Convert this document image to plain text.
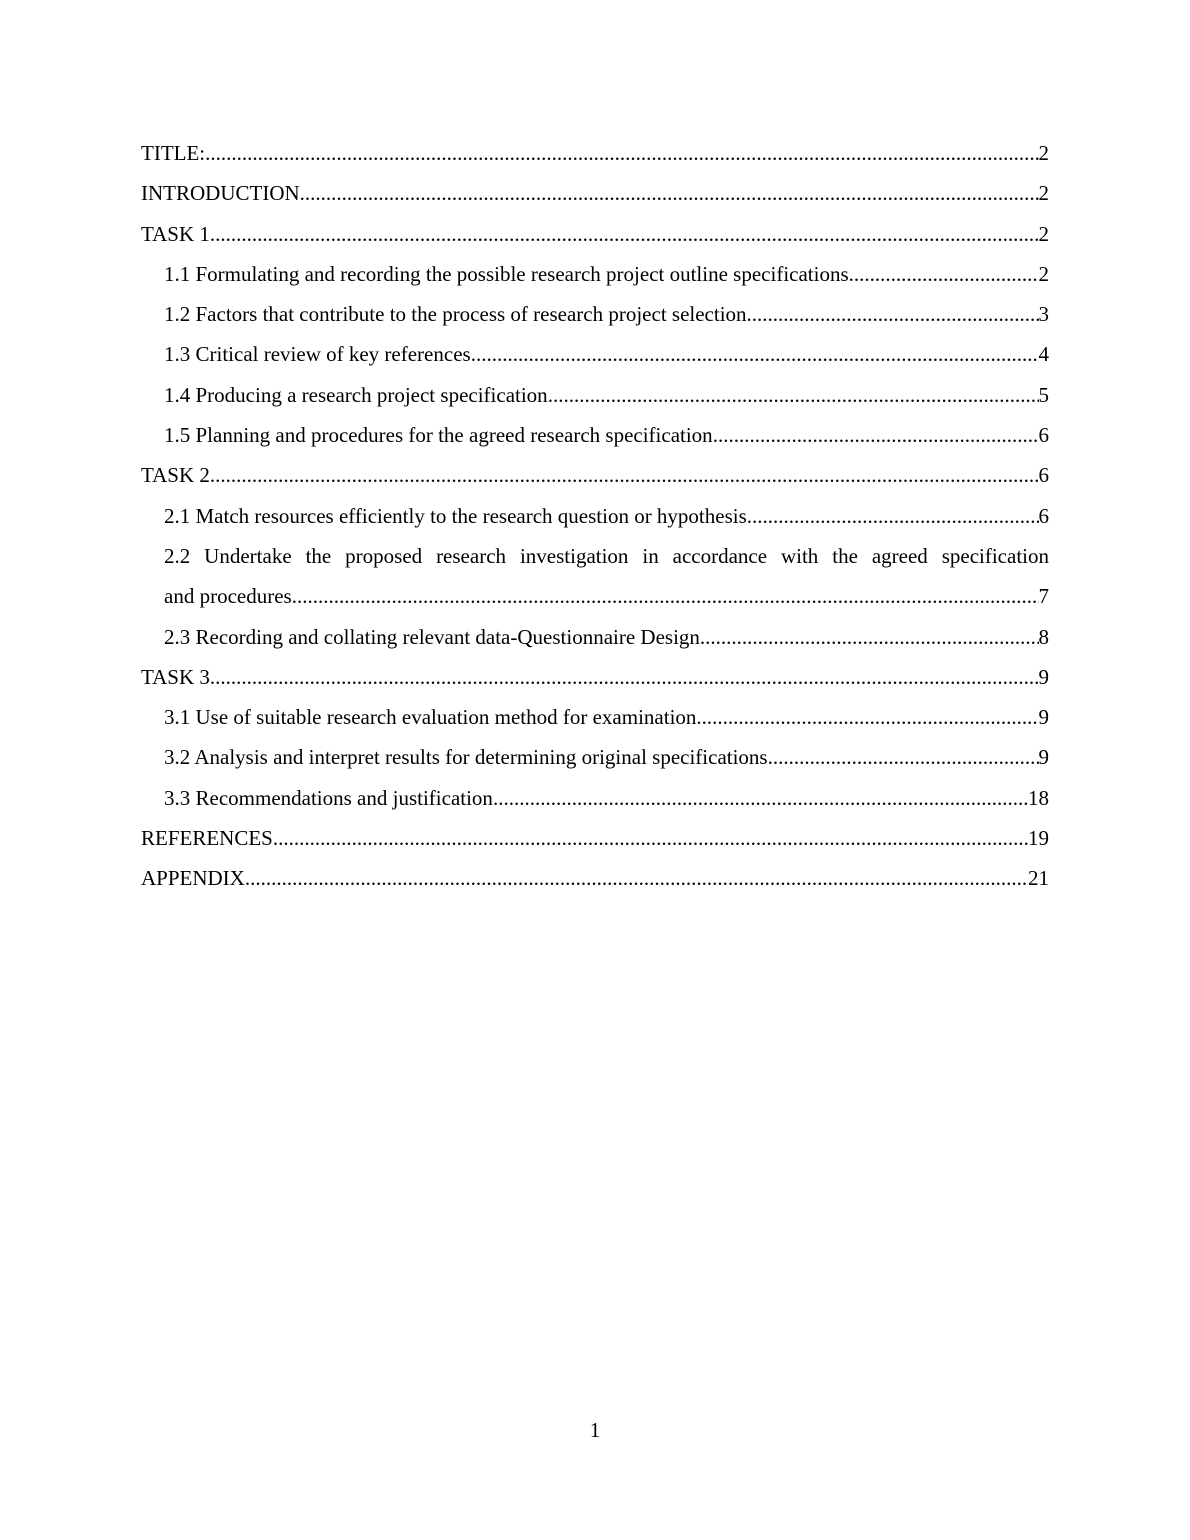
TITLE: .....	2
INTRODUCTION .....	2
TASK 1 .....	2
1.1 Formulating and recording the possible research project outline specifications .....	2
1.2 Factors that contribute to the process of research project selection .....	3
1.3 Critical review of key references .....	4
1.4 Producing a research project specification .....	5
1.5 Planning and procedures for the agreed research specification .....	6
TASK 2 .....	6
2.1 Match resources efficiently to the research question or hypothesis .....	6
2.2 Undertake the proposed research investigation in accordance with the agreed specification
and procedures .....	7
2.3 Recording and collating relevant data-Questionnaire Design .....	8
TASK 3 .....	9
3.1 Use of suitable research evaluation method for examination .....	9
3.2 Analysis and interpret results for determining original specifications .....	9
3.3 Recommendations and justification .....	18
REFERENCES .....	19
APPENDIX .....	21
1
